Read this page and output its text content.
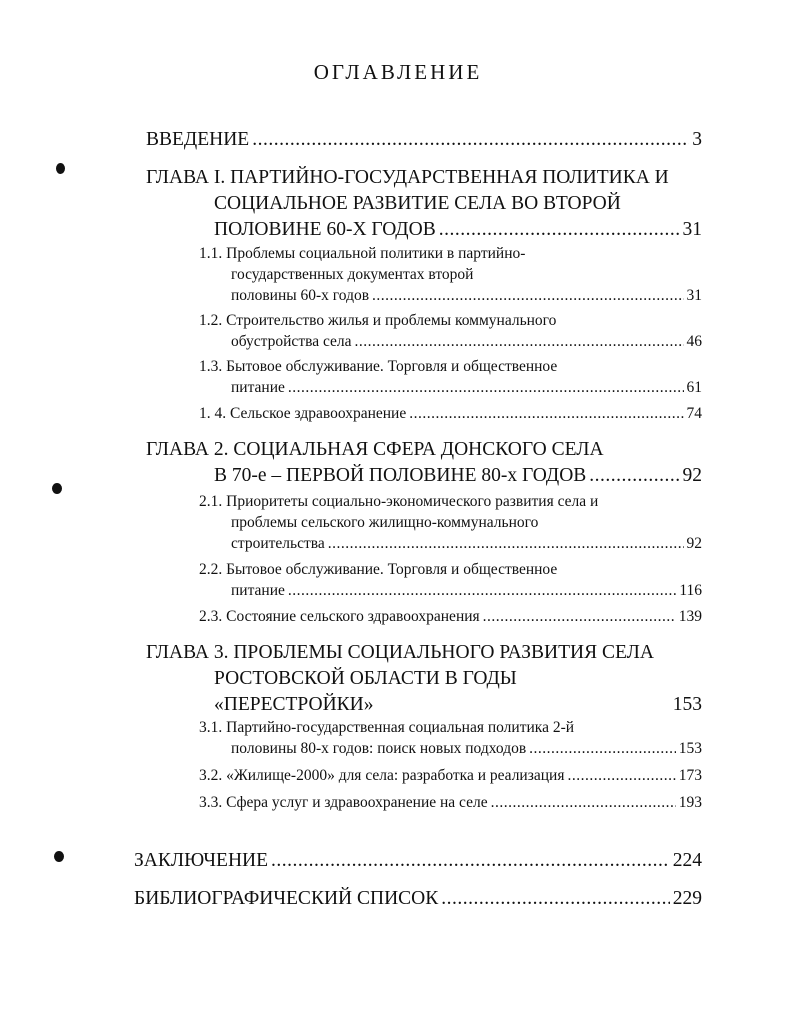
ОГЛАВЛЕНИЕ
ВВЕДЕНИЕ .....	3
ГЛАВА I. ПАРТИЙНО-ГОСУДАРСТВЕННАЯ ПОЛИТИКА И
СОЦИАЛЬНОЕ РАЗВИТИЕ СЕЛА ВО ВТОРОЙ
ПОЛОВИНЕ 60-Х ГОДОВ .....	31
1.1. Проблемы социальной политики в партийно-
государственных документах второй
половины 60-х годов .....	31
1.2. Строительство жилья и проблемы коммунального
обустройства села .....	46
1.3. Бытовое обслуживание. Торговля и общественное
питание .....	61
1. 4. Сельское здравоохранение .....	74
ГЛАВА 2. СОЦИАЛЬНАЯ СФЕРА ДОНСКОГО СЕЛА
В 70-е – ПЕРВОЙ ПОЛОВИНЕ 80-х ГОДОВ .....	92
2.1. Приоритеты социально-экономического развития села и
проблемы сельского жилищно-коммунального
строительства .....	92
2.2. Бытовое обслуживание. Торговля и общественное
питание .....	116
2.3. Состояние сельского здравоохранения .....	139
ГЛАВА 3. ПРОБЛЕМЫ СОЦИАЛЬНОГО РАЗВИТИЯ СЕЛА
РОСТОВСКОЙ ОБЛАСТИ В ГОДЫ
«ПЕРЕСТРОЙКИ»	153
3.1. Партийно-государственная социальная политика 2-й
половины 80-х годов: поиск новых подходов .....	153
3.2. «Жилище-2000» для села: разработка и реализация .....	173
3.3. Сфера услуг и здравоохранение на селе .....	193
ЗАКЛЮЧЕНИЕ .....	224
БИБЛИОГРАФИЧЕСКИЙ СПИСОК .....	229
